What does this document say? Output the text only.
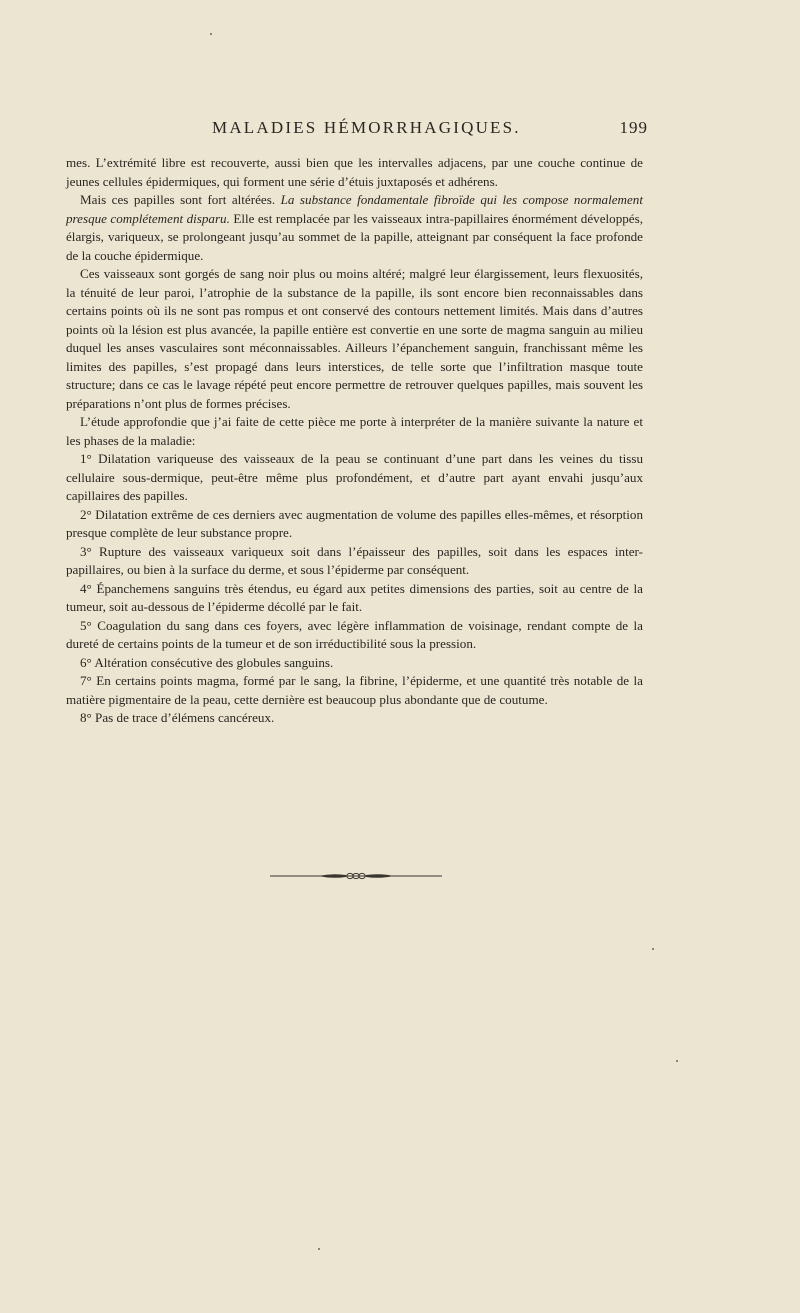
MALADIES HÉMORRHAGIQUES.	199

mes. L’extrémité libre est recouverte, aussi bien que les intervalles adjacens, par une couche continue de jeunes cellules épidermiques, qui forment une série d’étuis juxtaposés et adhérens.

Mais ces papilles sont fort altérées. La substance fondamentale fibroïde qui les compose normalement presque complétement disparu. Elle est remplacée par les vaisseaux intra-papillaires énormément développés, élargis, variqueux, se prolongeant jusqu’au sommet de la papille, atteignant par conséquent la face profonde de la couche épidermique.

Ces vaisseaux sont gorgés de sang noir plus ou moins altéré; malgré leur élargissement, leurs flexuosités, la ténuité de leur paroi, l’atrophie de la substance de la papille, ils sont encore bien reconnaissables dans certains points où ils ne sont pas rompus et ont conservé des contours nettement limités. Mais dans d’autres points où la lésion est plus avancée, la papille entière est convertie en une sorte de magma sanguin au milieu duquel les anses vasculaires sont méconnaissables. Ailleurs l’épanchement sanguin, franchissant même les limites des papilles, s’est propagé dans leurs interstices, de telle sorte que l’infiltration masque toute structure; dans ce cas le lavage répété peut encore permettre de retrouver quelques papilles, mais souvent les préparations n’ont plus de formes précises.

L’étude approfondie que j’ai faite de cette pièce me porte à interpréter de la manière suivante la nature et les phases de la maladie:

1° Dilatation variqueuse des vaisseaux de la peau se continuant d’une part dans les veines du tissu cellulaire sous-dermique, peut-être même plus profondément, et d’autre part ayant envahi jusqu’aux capillaires des papilles.

2° Dilatation extrême de ces derniers avec augmentation de volume des papilles elles-mêmes, et résorption presque complète de leur substance propre.

3° Rupture des vaisseaux variqueux soit dans l’épaisseur des papilles, soit dans les espaces inter-papillaires, ou bien à la surface du derme, et sous l’épiderme par conséquent.

4° Épanchemens sanguins très étendus, eu égard aux petites dimensions des parties, soit au centre de la tumeur, soit au-dessous de l’épiderme décollé par le fait.

5° Coagulation du sang dans ces foyers, avec légère inflammation de voisinage, rendant compte de la dureté de certains points de la tumeur et de son irréductibilité sous la pression.

6° Altération consécutive des globules sanguins.

7° En certains points magma, formé par le sang, la fibrine, l’épiderme, et une quantité très notable de la matière pigmentaire de la peau, cette dernière est beaucoup plus abondante que de coutume.

8° Pas de trace d’élémens cancéreux.
